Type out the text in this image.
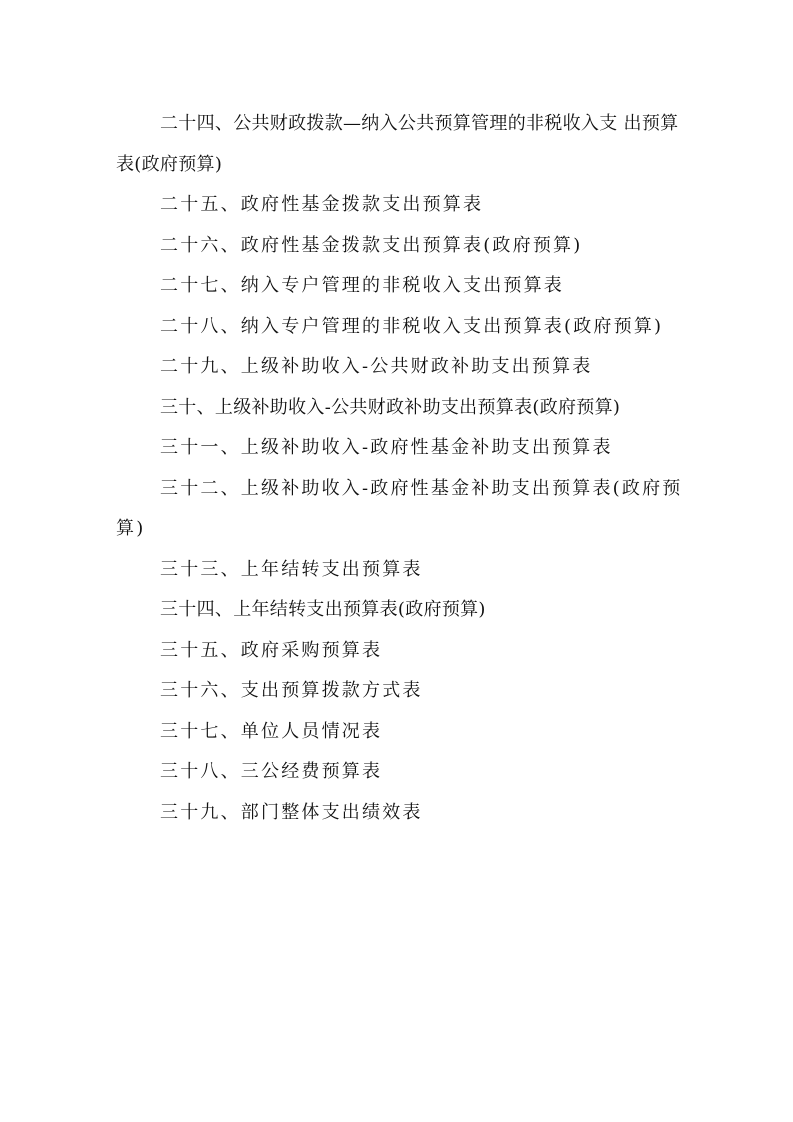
二十四、公共财政拨款—纳入公共预算管理的非税收入支 出预算表(政府预算)
二十五、政府性基金拨款支出预算表
二十六、政府性基金拨款支出预算表(政府预算)
二十七、纳入专户管理的非税收入支出预算表
二十八、纳入专户管理的非税收入支出预算表(政府预算)
二十九、上级补助收入-公共财政补助支出预算表
三十、上级补助收入-公共财政补助支出预算表(政府预算)
三十一、上级补助收入-政府性基金补助支出预算表
三十二、上级补助收入-政府性基金补助支出预算表(政府预算)
三十三、上年结转支出预算表
三十四、上年结转支出预算表(政府预算)
三十五、政府采购预算表
三十六、支出预算拨款方式表
三十七、单位人员情况表
三十八、三公经费预算表
三十九、部门整体支出绩效表
